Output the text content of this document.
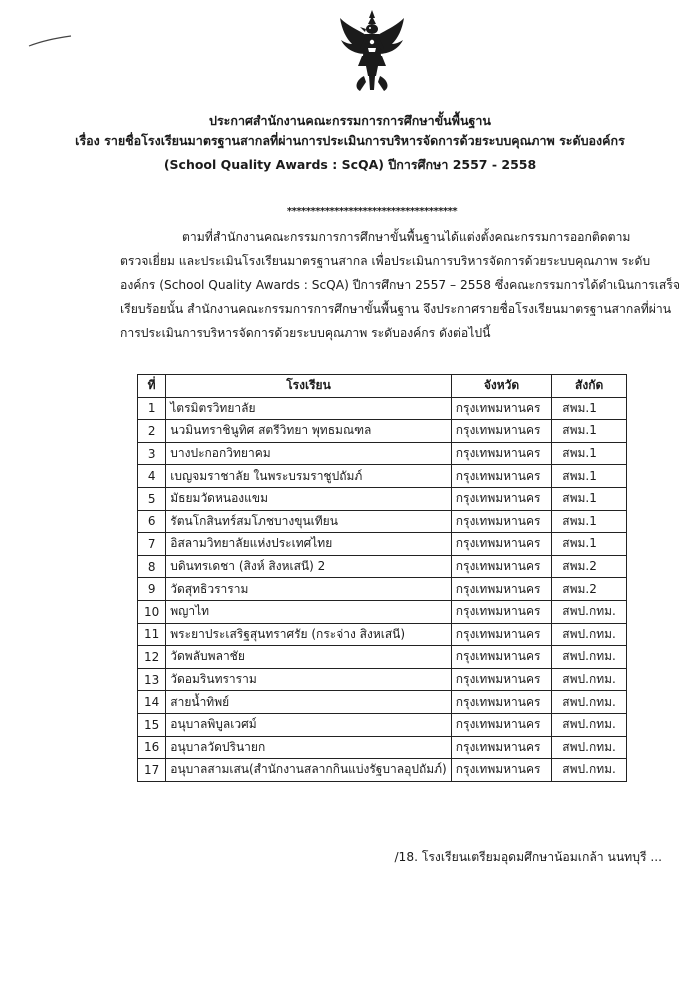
ประกาศสำนักงานคณะกรรมการการศึกษาขั้นพื้นฐาน
เรื่อง รายชื่อโรงเรียนมาตรฐานสากลที่ผ่านการประเมินการบริหารจัดการด้วยระบบคุณภาพ ระดับองค์กร
(School Quality Awards : ScQA) ปีการศึกษา 2557 - 2558
************************************
ตามที่สำนักงานคณะกรรมการการศึกษาขั้นพื้นฐานได้แต่งตั้งคณะกรรมการออกติดตาม
ตรวจเยี่ยม และประเมินโรงเรียนมาตรฐานสากล เพื่อประเมินการบริหารจัดการด้วยระบบคุณภาพ ระดับ
องค์กร (School Quality Awards : ScQA) ปีการศึกษา 2557 – 2558 ซึ่งคณะกรรมการได้ดำเนินการเสร็จ
เรียบร้อยนั้น สำนักงานคณะกรรมการการศึกษาขั้นพื้นฐาน จึงประกาศรายชื่อโรงเรียนมาตรฐานสากลที่ผ่าน
การประเมินการบริหารจัดการด้วยระบบคุณภาพ ระดับองค์กร ดังต่อไปนี้
ที่	โรงเรียน	จังหวัด	สังกัด
1	ไตรมิตรวิทยาลัย	กรุงเทพมหานคร	สพม.1
2	นวมินทราชินูทิศ สตรีวิทยา พุทธมณฑล	กรุงเทพมหานคร	สพม.1
3	บางปะกอกวิทยาคม	กรุงเทพมหานคร	สพม.1
4	เบญจมราชาลัย ในพระบรมราชูปถัมภ์	กรุงเทพมหานคร	สพม.1
5	มัธยมวัดหนองแขม	กรุงเทพมหานคร	สพม.1
6	รัตนโกสินทร์สมโภชบางขุนเทียน	กรุงเทพมหานคร	สพม.1
7	อิสลามวิทยาลัยแห่งประเทศไทย	กรุงเทพมหานคร	สพม.1
8	บดินทรเดชา (สิงห์ สิงหเสนี) 2	กรุงเทพมหานคร	สพม.2
9	วัดสุทธิวราราม	กรุงเทพมหานคร	สพม.2
10	พญาไท	กรุงเทพมหานคร	สพป.กทม.
11	พระยาประเสริฐสุนทราศรัย (กระจ่าง สิงหเสนี)	กรุงเทพมหานคร	สพป.กทม.
12	วัดพลับพลาชัย	กรุงเทพมหานคร	สพป.กทม.
13	วัดอมรินทราราม	กรุงเทพมหานคร	สพป.กทม.
14	สายน้ำทิพย์	กรุงเทพมหานคร	สพป.กทม.
15	อนุบาลพิบูลเวศม์	กรุงเทพมหานคร	สพป.กทม.
16	อนุบาลวัดปรินายก	กรุงเทพมหานคร	สพป.กทม.
17	อนุบาลสามเสน(สำนักงานสลากกินแบ่งรัฐบาลอุปถัมภ์)	กรุงเทพมหานคร	สพป.กทม.
/18. โรงเรียนเตรียมอุดมศึกษาน้อมเกล้า นนทบุรี ...
